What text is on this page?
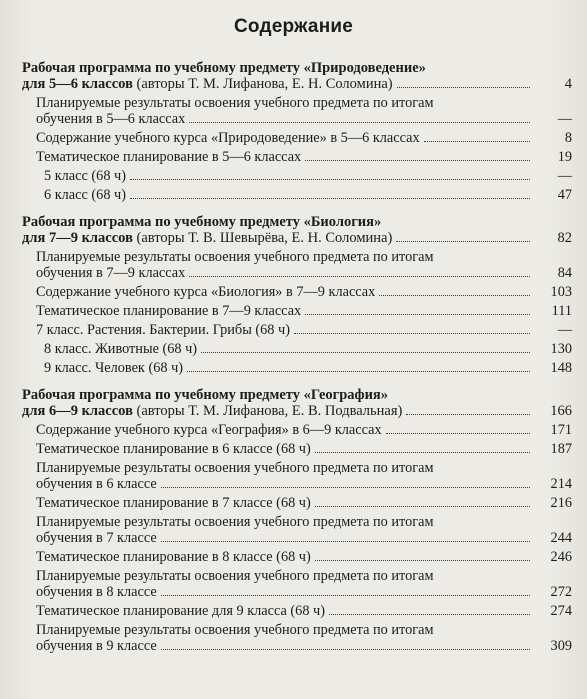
Содержание
Рабочая программа по учебному предмету «Природоведение»
для 5—6 классов (авторы Т. М. Лифанова, Е. Н. Соломина)	4
Планируемые результаты освоения учебного предмета по итогам
обучения в 5—6 классах	—
Содержание учебного курса «Природоведение» в 5—6 классах	8
Тематическое планирование в 5—6 классах	19
5 класс (68 ч)	—
6 класс (68 ч)	47
Рабочая программа по учебному предмету «Биология»
для 7—9 классов (авторы Т. В. Шевырёва, Е. Н. Соломина)	82
Планируемые результаты освоения учебного предмета по итогам
обучения в 7—9 классах	84
Содержание учебного курса «Биология» в 7—9 классах	103
Тематическое планирование в 7—9 классах	111
7 класс. Растения. Бактерии. Грибы (68 ч)	—
8 класс. Животные (68 ч)	130
9 класс. Человек (68 ч)	148
Рабочая программа по учебному предмету «География»
для 6—9 классов (авторы Т. М. Лифанова, Е. В. Подвальная)	166
Содержание учебного курса «География» в 6—9 классах	171
Тематическое планирование в 6 классе (68 ч)	187
Планируемые результаты освоения учебного предмета по итогам
обучения в 6 классе	214
Тематическое планирование в 7 классе (68 ч)	216
Планируемые результаты освоения учебного предмета по итогам
обучения в 7 классе	244
Тематическое планирование в 8 классе (68 ч)	246
Планируемые результаты освоения учебного предмета по итогам
обучения в 8 классе	272
Тематическое планирование для 9 класса (68 ч)	274
Планируемые результаты освоения учебного предмета по итогам
обучения в 9 классе	309
